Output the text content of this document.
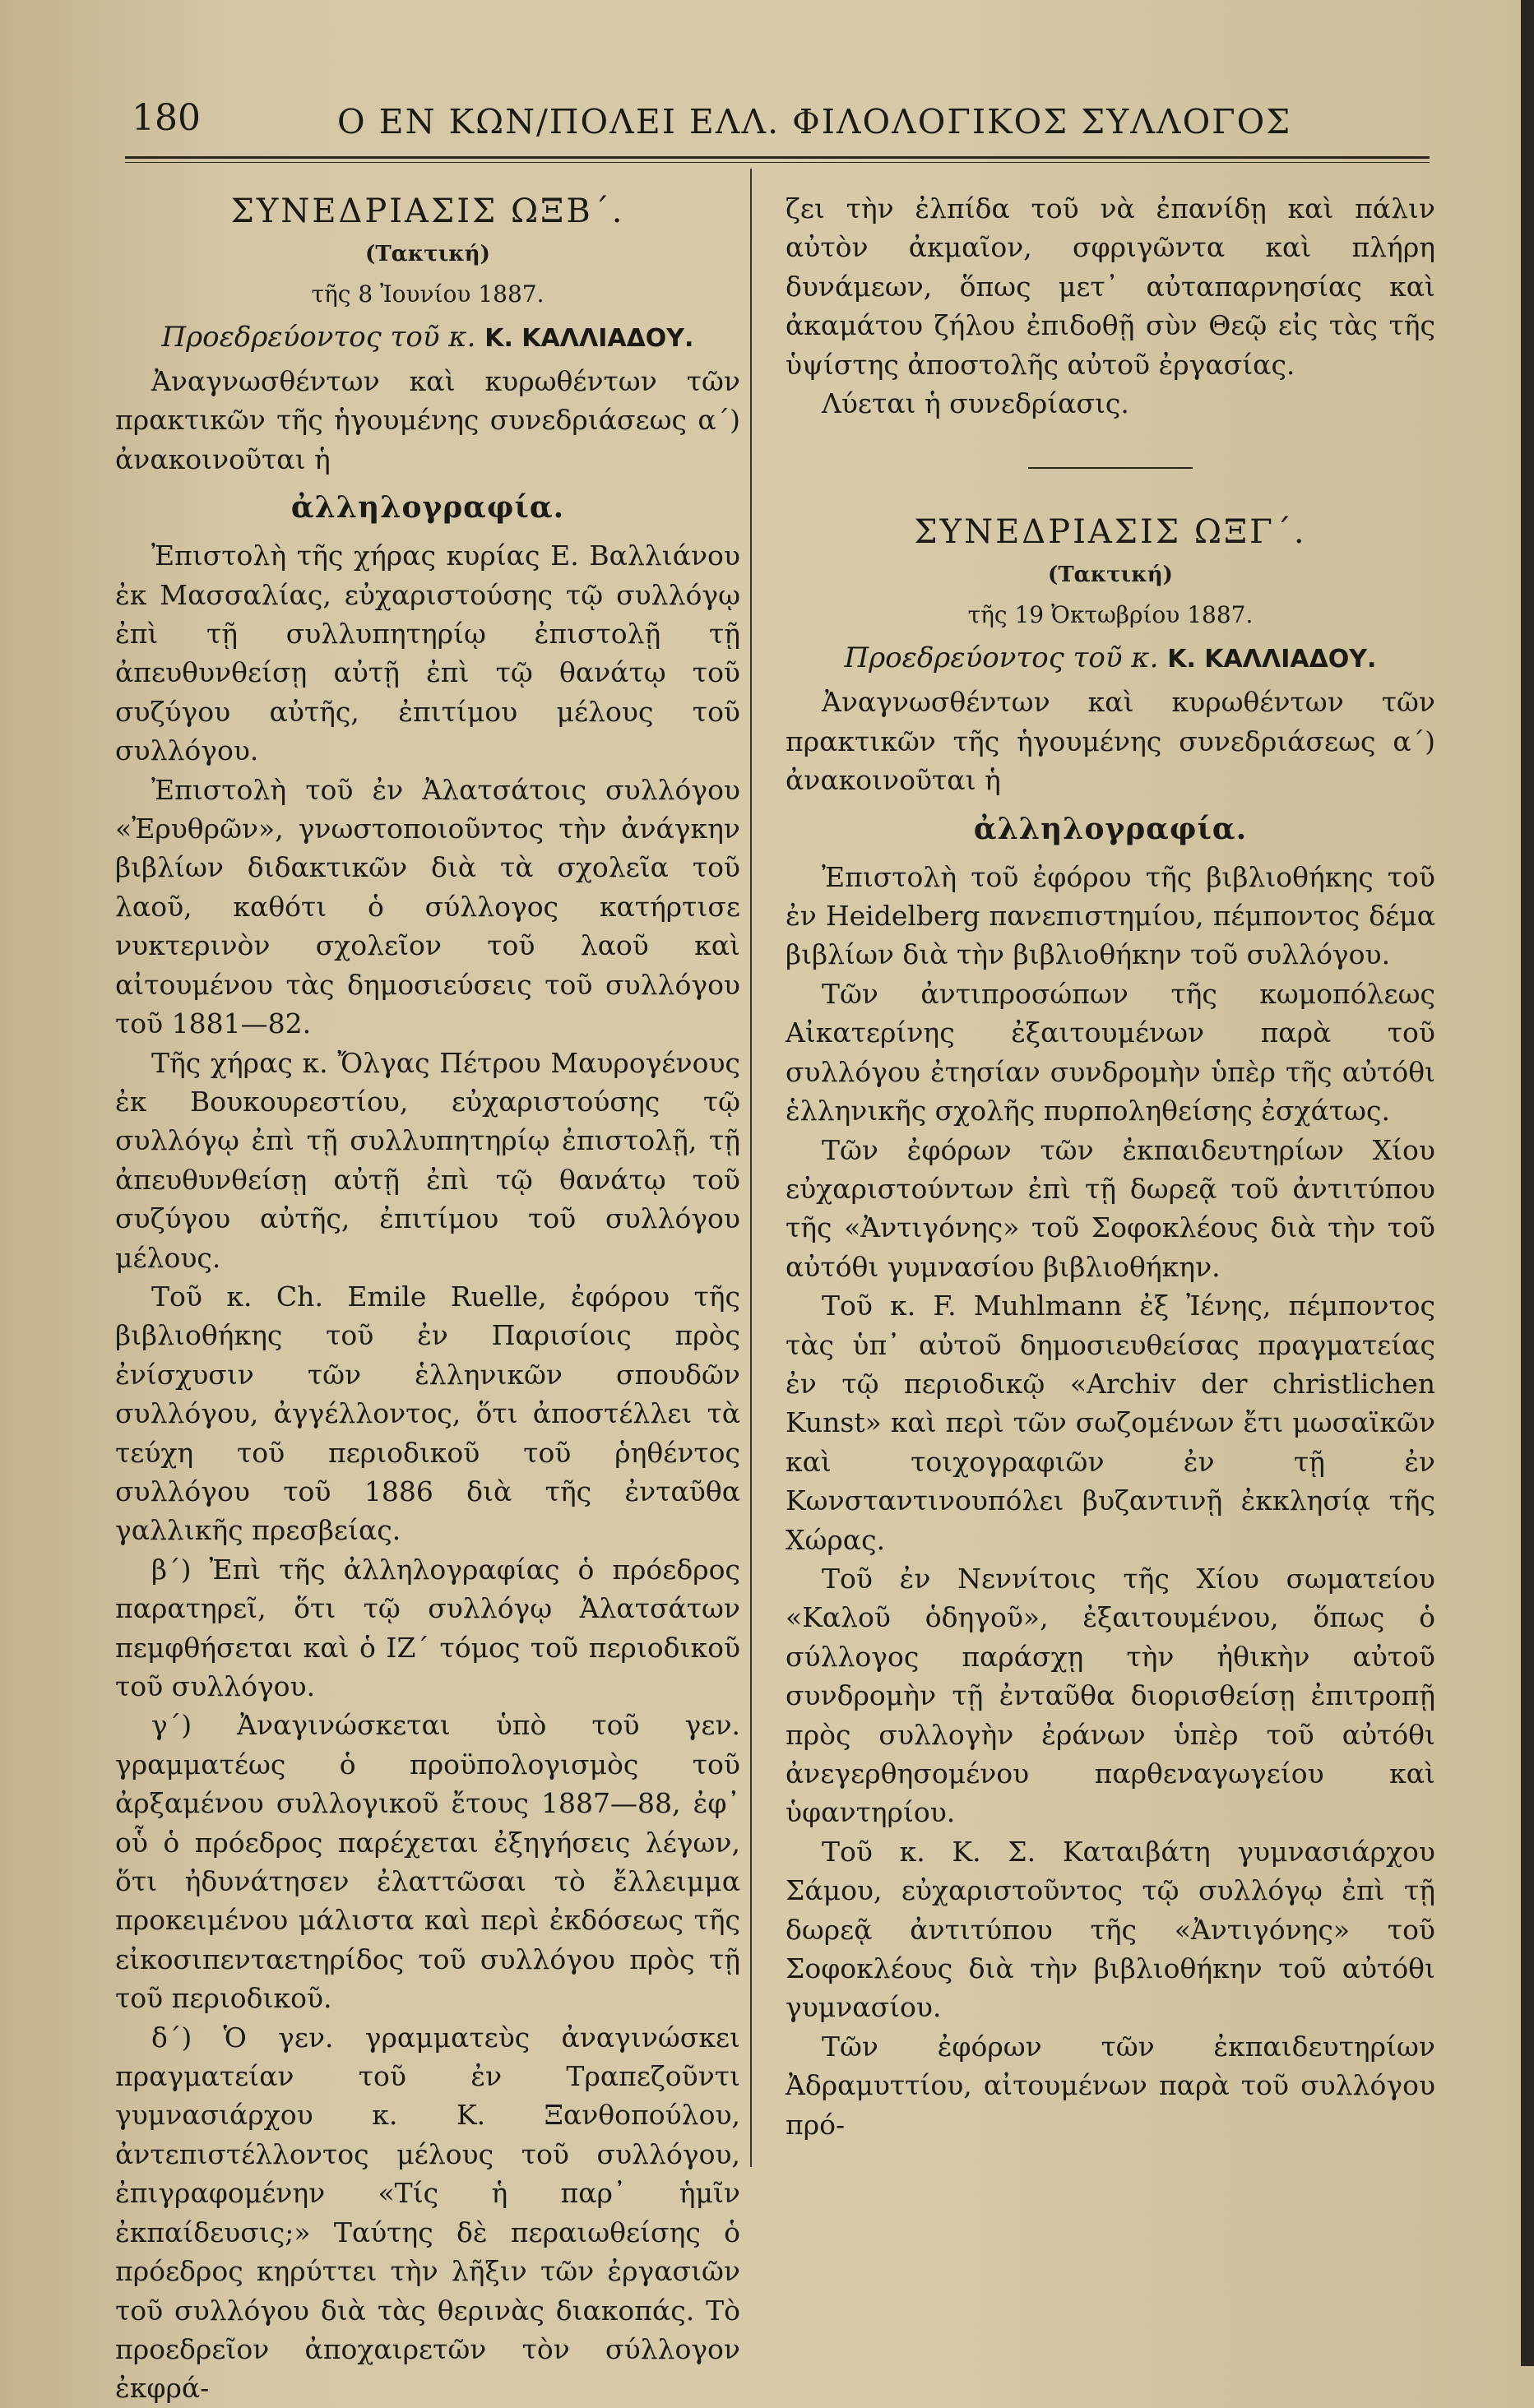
180	Ο ΕΝ ΚΩΝ/ΠΟΛΕΙ ΕΛΛ. ΦΙΛΟΛΟΓΙΚΟΣ ΣΥΛΛΟΓΟΣ

ΣΥΝΕΔΡΙΑΣΙΣ ΩΞΒ΄.

(Τακτική)

τῆς 8 Ἰουνίου 1887.

Προεδρεύοντος τοῦ κ. Κ. ΚΑΛΛΙΑΔΟΥ.

Ἀναγνωσθέντων καὶ κυρωθέντων τῶν πρακτικῶν τῆς ἡγουμένης συνεδριάσεως α΄) ἀνακοινοῦται ἡ

ἀλληλογραφία.

Ἐπιστολὴ τῆς χήρας κυρίας Ε. Βαλλιάνου ἐκ Μασσαλίας, εὐχαριστούσης τῷ συλλόγῳ ἐπὶ τῇ συλλυπητηρίῳ ἐπιστολῇ τῇ ἀπευθυνθείσῃ αὐτῇ ἐπὶ τῷ θανάτῳ τοῦ συζύγου αὐτῆς, ἐπιτίμου μέλους τοῦ συλλόγου.

Ἐπιστολὴ τοῦ ἐν Ἀλατσάτοις συλλόγου «Ἐρυθρῶν», γνωστοποιοῦντος τὴν ἀνάγκην βιβλίων διδακτικῶν διὰ τὰ σχολεῖα τοῦ λαοῦ, καθότι ὁ σύλλογος κατήρτισε νυκτερινὸν σχολεῖον τοῦ λαοῦ καὶ αἰτουμένου τὰς δημοσιεύσεις τοῦ συλλόγου τοῦ 1881—82.

Τῆς χήρας κ. Ὄλγας Πέτρου Μαυρογένους ἐκ Βουκουρεστίου, εὐχαριστούσης τῷ συλλόγῳ ἐπὶ τῇ συλλυπητηρίῳ ἐπιστολῇ, τῇ ἀπευθυνθείσῃ αὐτῇ ἐπὶ τῷ θανάτῳ τοῦ συζύγου αὐτῆς, ἐπιτίμου τοῦ συλλόγου μέλους.

Τοῦ κ. Ch. Emile Ruelle, ἐφόρου τῆς βιβλιοθήκης τοῦ ἐν Παρισίοις πρὸς ἐνίσχυσιν τῶν ἑλληνικῶν σπουδῶν συλλόγου, ἀγγέλλοντος, ὅτι ἀποστέλλει τὰ τεύχη τοῦ περιοδικοῦ τοῦ ῥηθέντος συλλόγου τοῦ 1886 διὰ τῆς ἐνταῦθα γαλλικῆς πρεσβείας.

β΄) Ἐπὶ τῆς ἀλληλογραφίας ὁ πρόεδρος παρατηρεῖ, ὅτι τῷ συλλόγῳ Ἀλατσάτων πεμφθήσεται καὶ ὁ ΙΖ΄ τόμος τοῦ περιοδικοῦ τοῦ συλλόγου.

γ΄) Ἀναγινώσκεται ὑπὸ τοῦ γεν. γραμματέως ὁ προϋπολογισμὸς τοῦ ἀρξαμένου συλλογικοῦ ἔτους 1887—88, ἐφ᾿ οὗ ὁ πρόεδρος παρέχεται ἐξηγήσεις λέγων, ὅτι ἠδυνάτησεν ἐλαττῶσαι τὸ ἔλλειμμα προκειμένου μάλιστα καὶ περὶ ἐκδόσεως τῆς εἰκοσιπενταετηρίδος τοῦ συλλόγου πρὸς τῇ τοῦ περιοδικοῦ.

δ΄) Ὁ γεν. γραμματεὺς ἀναγινώσκει πραγματείαν τοῦ ἐν Τραπεζοῦντι γυμνασιάρχου κ. Κ. Ξανθοπούλου, ἀντεπιστέλλοντος μέλους τοῦ συλλόγου, ἐπιγραφομένην «Τίς ἡ παρ᾿ ἡμῖν ἐκπαίδευσις;» Ταύτης δὲ περαιωθείσης ὁ πρόεδρος κηρύττει τὴν λῆξιν τῶν ἐργασιῶν τοῦ συλλόγου διὰ τὰς θερινὰς διακοπάς. Τὸ προεδρεῖον ἀποχαιρετῶν τὸν σύλλογον ἐκφρά-

ζει τὴν ἐλπίδα τοῦ νὰ ἐπανίδῃ καὶ πάλιν αὐτὸν ἀκμαῖον, σφριγῶντα καὶ πλήρη δυνάμεων, ὅπως μετ᾿ αὐταπαρνησίας καὶ ἀκαμάτου ζήλου ἐπιδοθῇ σὺν Θεῷ εἰς τὰς τῆς ὑψίστης ἀποστολῆς αὐτοῦ ἐργασίας.

Λύεται ἡ συνεδρίασις.

ΣΥΝΕΔΡΙΑΣΙΣ ΩΞΓ΄.

(Τακτική)

τῆς 19 Ὀκτωβρίου 1887.

Προεδρεύοντος τοῦ κ. Κ. ΚΑΛΛΙΑΔΟΥ.

Ἀναγνωσθέντων καὶ κυρωθέντων τῶν πρακτικῶν τῆς ἡγουμένης συνεδριάσεως α΄) ἀνακοινοῦται ἡ

ἀλληλογραφία.

Ἐπιστολὴ τοῦ ἐφόρου τῆς βιβλιοθήκης τοῦ ἐν Heidelberg πανεπιστημίου, πέμποντος δέμα βιβλίων διὰ τὴν βιβλιοθήκην τοῦ συλλόγου.

Τῶν ἀντιπροσώπων τῆς κωμοπόλεως Αἰκατερίνης ἐξαιτουμένων παρὰ τοῦ συλλόγου ἐτησίαν συνδρομὴν ὑπὲρ τῆς αὐτόθι ἑλληνικῆς σχολῆς πυρποληθείσης ἐσχάτως.

Τῶν ἐφόρων τῶν ἐκπαιδευτηρίων Χίου εὐχαριστούντων ἐπὶ τῇ δωρεᾷ τοῦ ἀντιτύπου τῆς «Ἀντιγόνης» τοῦ Σοφοκλέους διὰ τὴν τοῦ αὐτόθι γυμνασίου βιβλιοθήκην.

Τοῦ κ. F. Muhlmann ἐξ Ἰένης, πέμποντος τὰς ὑπ᾿ αὐτοῦ δημοσιευθείσας πραγματείας ἐν τῷ περιοδικῷ «Archiv der christlichen Kunst» καὶ περὶ τῶν σωζομένων ἔτι μωσαϊκῶν καὶ τοιχογραφιῶν ἐν τῇ ἐν Κωνσταντινουπόλει βυζαντινῇ ἐκκλησίᾳ τῆς Χώρας.

Τοῦ ἐν Νεννίτοις τῆς Χίου σωματείου «Καλοῦ ὁδηγοῦ», ἐξαιτουμένου, ὅπως ὁ σύλλογος παράσχῃ τὴν ἠθικὴν αὐτοῦ συνδρομὴν τῇ ἐνταῦθα διορισθείσῃ ἐπιτροπῇ πρὸς συλλογὴν ἐράνων ὑπὲρ τοῦ αὐτόθι ἀνεγερθησομένου παρθεναγωγείου καὶ ὑφαντηρίου.

Τοῦ κ. Κ. Σ. Καταιβάτη γυμνασιάρχου Σάμου, εὐχαριστοῦντος τῷ συλλόγῳ ἐπὶ τῇ δωρεᾷ ἀντιτύπου τῆς «Ἀντιγόνης» τοῦ Σοφοκλέους διὰ τὴν βιβλιοθήκην τοῦ αὐτόθι γυμνασίου.

Τῶν ἐφόρων τῶν ἐκπαιδευτηρίων Ἀδραμυττίου, αἰτουμένων παρὰ τοῦ συλλόγου πρό-
